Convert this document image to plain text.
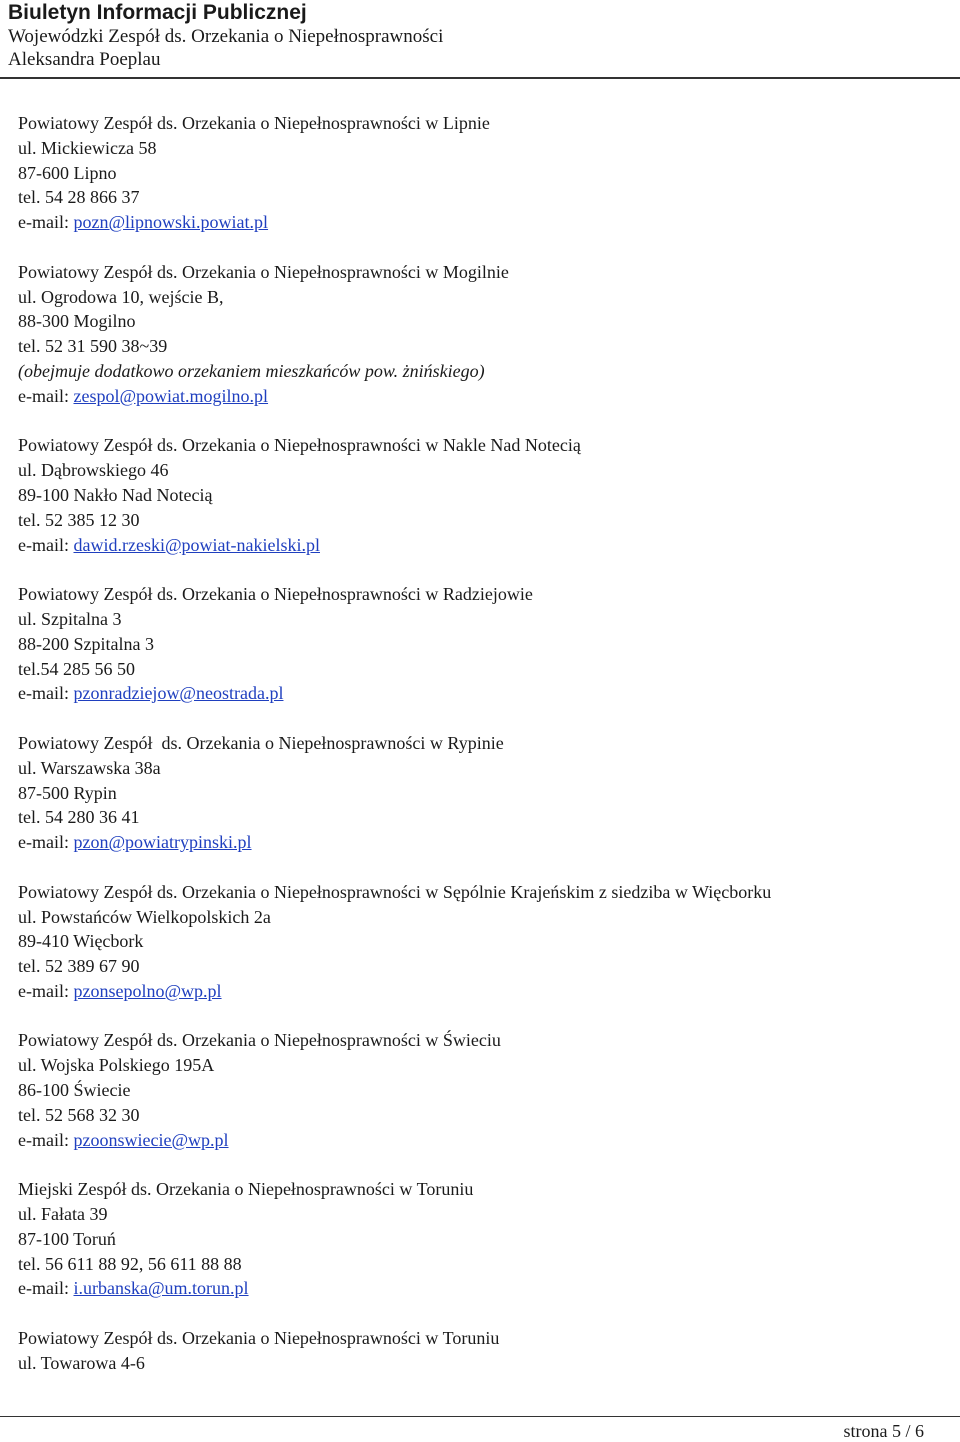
Biuletyn Informacji Publicznej
Wojewódzki Zespół ds. Orzekania o Niepełnosprawności
Aleksandra Poeplau
Powiatowy Zespół ds. Orzekania o Niepełnosprawności w Lipnie
ul. Mickiewicza 58
87-600 Lipno
tel. 54 28 866 37
e-mail: pozn@lipnowski.powiat.pl
Powiatowy Zespół ds. Orzekania o Niepełnosprawności w Mogilnie
ul. Ogrodowa 10, wejście B,
88-300 Mogilno
tel. 52 31 590 38~39
(obejmuje dodatkowo orzekaniem mieszkańców pow. żnińskiego)
e-mail: zespol@powiat.mogilno.pl
Powiatowy Zespół ds. Orzekania o Niepełnosprawności w Nakle Nad Notecią
ul. Dąbrowskiego 46
89-100 Nakło Nad Notecią
tel. 52 385 12 30
e-mail: dawid.rzeski@powiat-nakielski.pl
Powiatowy Zespół ds. Orzekania o Niepełnosprawności w Radziejowie
ul. Szpitalna 3
88-200 Szpitalna 3
tel.54 285 56 50
e-mail: pzonradziejow@neostrada.pl
Powiatowy Zespół  ds. Orzekania o Niepełnosprawności w Rypinie
ul. Warszawska 38a
87-500 Rypin
tel. 54 280 36 41
e-mail: pzon@powiatrypinski.pl
Powiatowy Zespół ds. Orzekania o Niepełnosprawności w Sępólnie Krajeńskim z siedziba w Więcborku
ul. Powstańców Wielkopolskich 2a
89-410 Więcbork
tel. 52 389 67 90
e-mail: pzonsepolno@wp.pl
Powiatowy Zespół ds. Orzekania o Niepełnosprawności w Świeciu
ul. Wojska Polskiego 195A
86-100 Świecie
tel. 52 568 32 30
e-mail: pzoonswiecie@wp.pl
Miejski Zespół ds. Orzekania o Niepełnosprawności w Toruniu
ul. Fałata 39
87-100 Toruń
tel. 56 611 88 92, 56 611 88 88
e-mail: i.urbanska@um.torun.pl
Powiatowy Zespół ds. Orzekania o Niepełnosprawności w Toruniu
ul. Towarowa 4-6
strona 5 / 6
